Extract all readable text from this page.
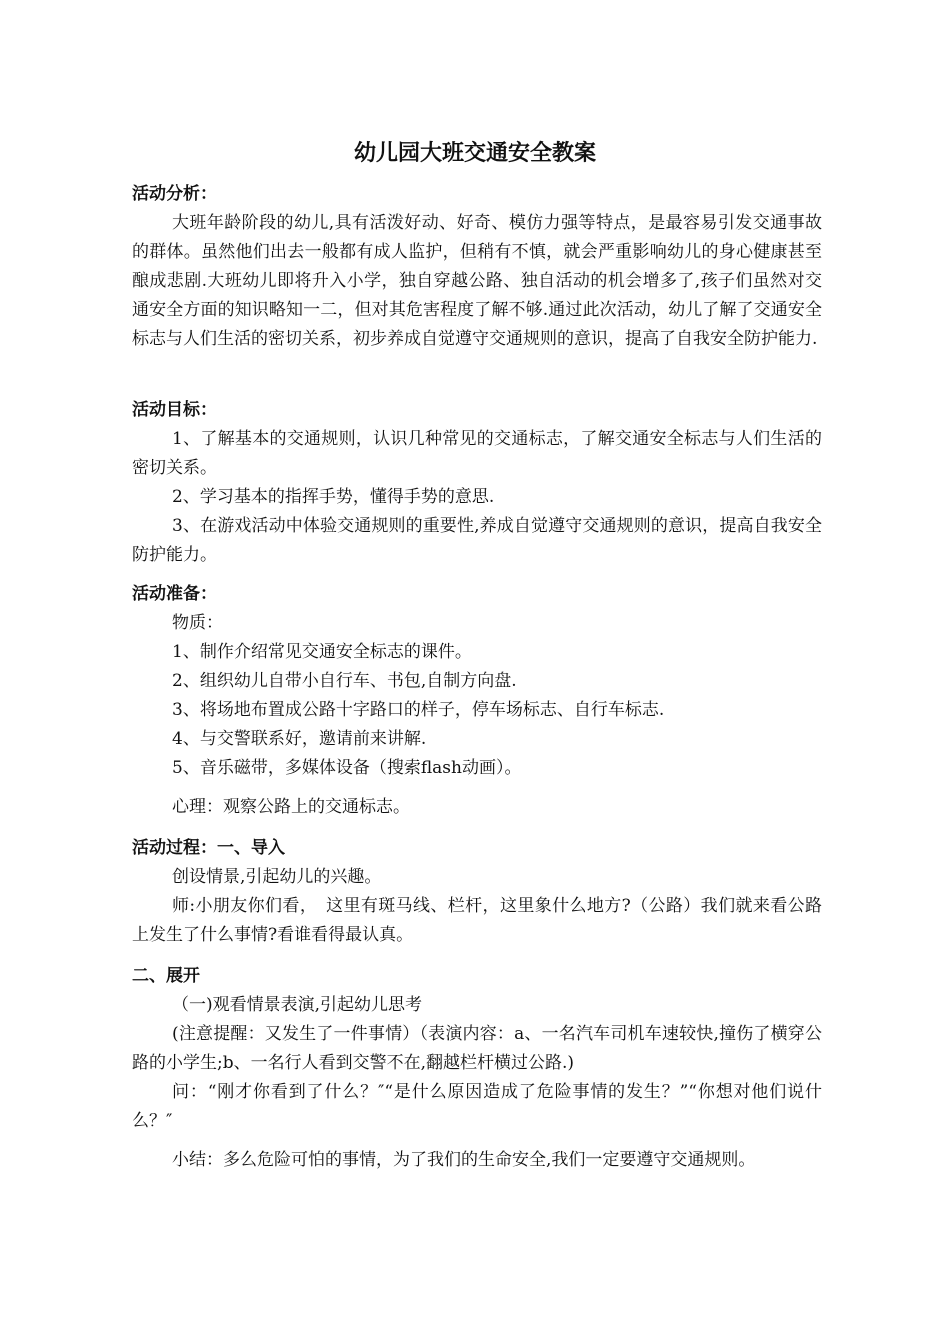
幼儿园大班交通安全教案

活动分析：

大班年龄阶段的幼儿,具有活泼好动、好奇、模仿力强等特点，是最容易引发交通事故的群体。虽然他们出去一般都有成人监护，但稍有不慎，就会严重影响幼儿的身心健康甚至酿成悲剧.大班幼儿即将升入小学，独自穿越公路、独自活动的机会增多了,孩子们虽然对交通安全方面的知识略知一二，但对其危害程度了解不够.通过此次活动，幼儿了解了交通安全标志与人们生活的密切关系，初步养成自觉遵守交通规则的意识，提高了自我安全防护能力.

活动目标：

1、了解基本的交通规则，认识几种常见的交通标志，了解交通安全标志与人们生活的密切关系。

2、学习基本的指挥手势，懂得手势的意思.

3、在游戏活动中体验交通规则的重要性,养成自觉遵守交通规则的意识，提高自我安全防护能力。

活动准备：

物质：

1、制作介绍常见交通安全标志的课件。

2、组织幼儿自带小自行车、书包,自制方向盘.

3、将场地布置成公路十字路口的样子，停车场标志、自行车标志.

4、与交警联系好，邀请前来讲解.

5、音乐磁带，多媒体设备（搜索flash动画）。

心理：观察公路上的交通标志。

活动过程：一、导入

创设情景,引起幼儿的兴趣。

师:小朋友你们看，　这里有斑马线、栏杆，这里象什么地方?（公路）我们就来看公路上发生了什么事情?看谁看得最认真。

二、展开

（一)观看情景表演,引起幼儿思考

(注意提醒：又发生了一件事情）（表演内容：a、一名汽车司机车速较快,撞伤了横穿公路的小学生;b、一名行人看到交警不在,翻越栏杆横过公路.)

问：“刚才你看到了什么？″“是什么原因造成了危险事情的发生？”“你想对他们说什么？″

小结：多么危险可怕的事情，为了我们的生命安全,我们一定要遵守交通规则。
